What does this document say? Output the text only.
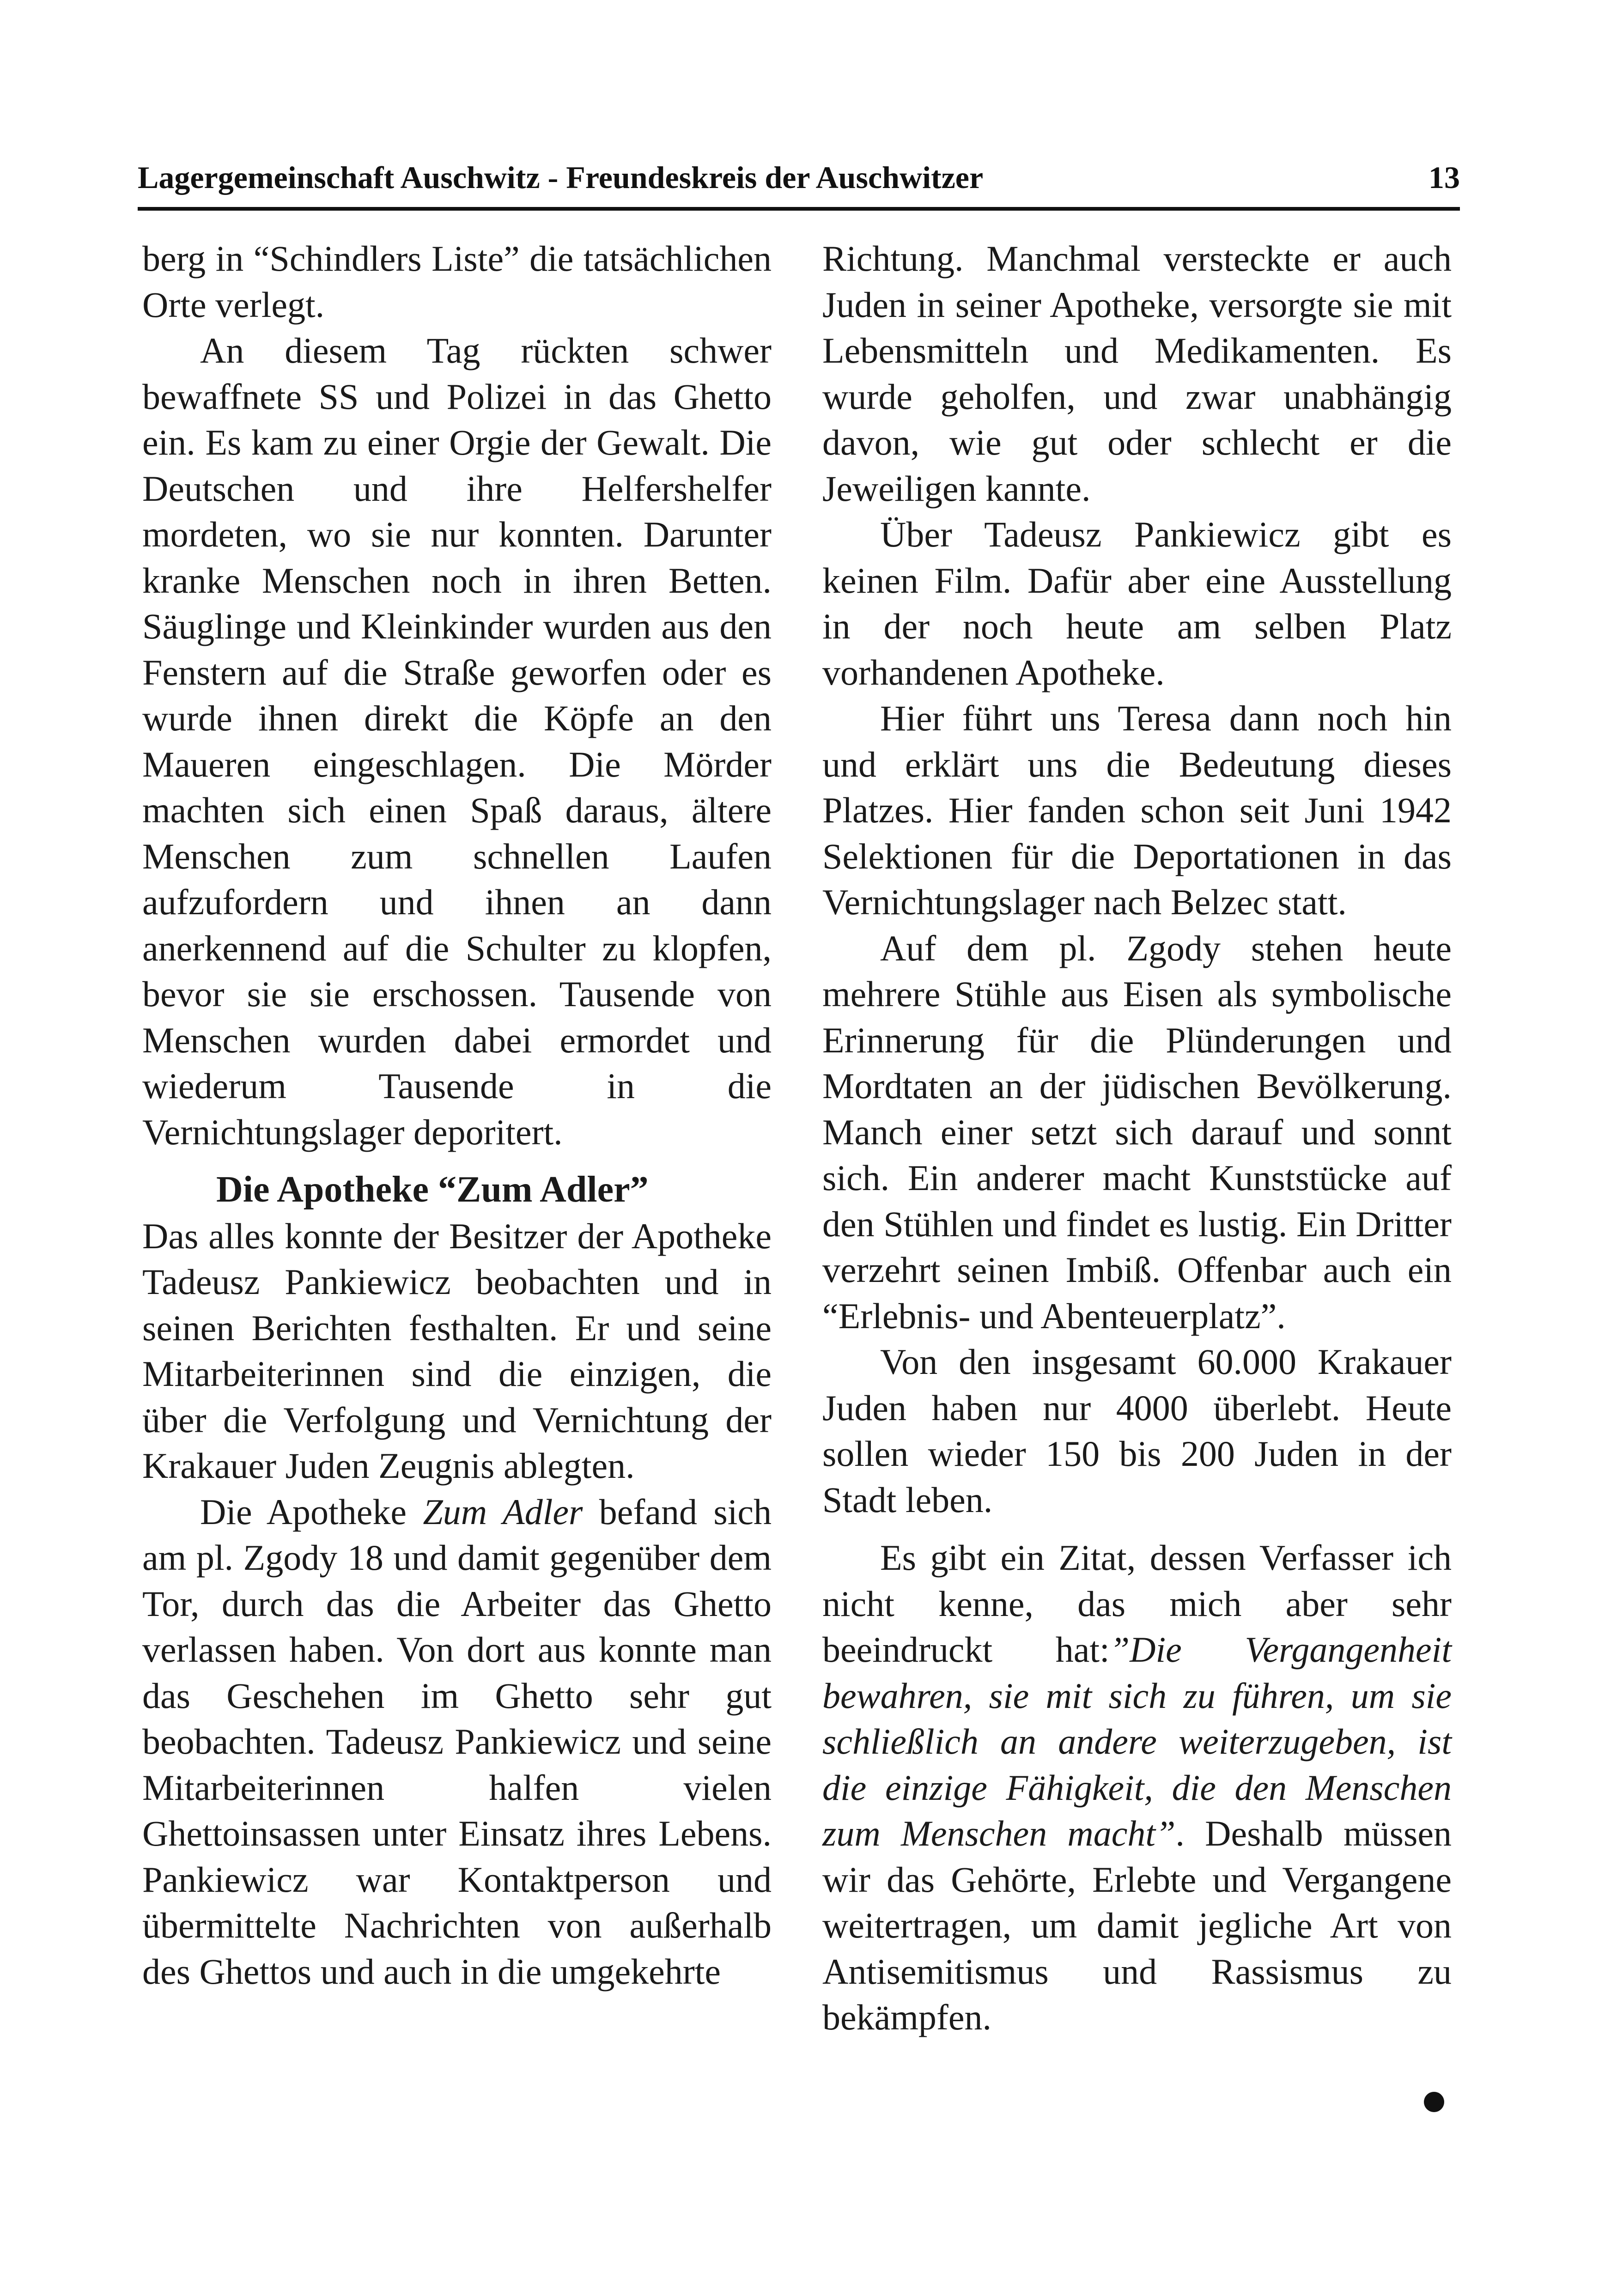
Lagergemeinschaft Auschwitz - Freundeskreis der Auschwitzer	13

berg in “Schindlers Liste” die tatsächlichen Orte verlegt.

An diesem Tag rückten schwer bewaffnete SS und Polizei in das Ghetto ein. Es kam zu einer Orgie der Gewalt. Die Deutschen und ihre Helfershelfer mordeten, wo sie nur konnten. Darunter kranke Menschen noch in ihren Betten. Säuglinge und Kleinkinder wurden aus den Fenstern auf die Straße geworfen oder es wurde ihnen direkt die Köpfe an den Maueren eingeschlagen. Die Mörder machten sich einen Spaß daraus, ältere Menschen zum schnellen Laufen aufzufordern und ihnen an dann anerkennend auf die Schulter zu klopfen, bevor sie sie erschossen. Tausende von Menschen wurden dabei ermordet und wiederum Tausende in die Vernichtungslager deporitert.

Die Apotheke “Zum Adler”

Das alles konnte der Besitzer der Apotheke Tadeusz Pankiewicz beobachten und in seinen Berichten festhalten. Er und seine Mitarbeiterinnen sind die einzigen, die über die Verfolgung und Vernichtung der Krakauer Juden Zeugnis ablegten.

Die Apotheke Zum Adler befand sich am pl. Zgody 18 und damit gegenüber dem Tor, durch das die Arbeiter das Ghetto verlassen haben. Von dort aus konnte man das Geschehen im Ghetto sehr gut beobachten. Tadeusz Pankiewicz und seine Mitarbeiterinnen halfen vielen Ghettoinsassen unter Einsatz ihres Lebens. Pankiewicz war Kontaktperson und übermittelte Nachrichten von außerhalb des Ghettos und auch in die umgekehrte

Richtung. Manchmal versteckte er auch Juden in seiner Apotheke, versorgte sie mit Lebensmitteln und Medikamenten. Es wurde geholfen, und zwar unabhängig davon, wie gut oder schlecht er die Jeweiligen kannte.

Über Tadeusz Pankiewicz gibt es keinen Film. Dafür aber eine Ausstellung in der noch heute am selben Platz vorhandenen Apotheke.

Hier führt uns Teresa dann noch hin und erklärt uns die Bedeutung dieses Platzes. Hier fanden schon seit Juni 1942 Selektionen für die Deportationen in das Vernichtungslager nach Belzec statt.

Auf dem pl. Zgody stehen heute mehrere Stühle aus Eisen als symbolische Erinnerung für die Plünderungen und Mordtaten an der jüdischen Bevölkerung. Manch einer setzt sich darauf und sonnt sich. Ein anderer macht Kunststücke auf den Stühlen und findet es lustig. Ein Dritter verzehrt seinen Imbiß. Offenbar auch ein “Erlebnis- und Abenteuerplatz”.

Von den insgesamt 60.000 Krakauer Juden haben nur 4000 überlebt. Heute sollen wieder 150 bis 200 Juden in der Stadt leben.

Es gibt ein Zitat, dessen Verfasser ich nicht kenne, das mich aber sehr beeindruckt hat:”Die Vergangenheit bewahren, sie mit sich zu führen, um sie schließlich an andere weiterzugeben, ist die einzige Fähigkeit, die den Menschen zum Menschen macht”. Deshalb müssen wir das Gehörte, Erlebte und Vergangene weitertragen, um damit jegliche Art von Antisemitismus und Rassismus zu bekämpfen.
